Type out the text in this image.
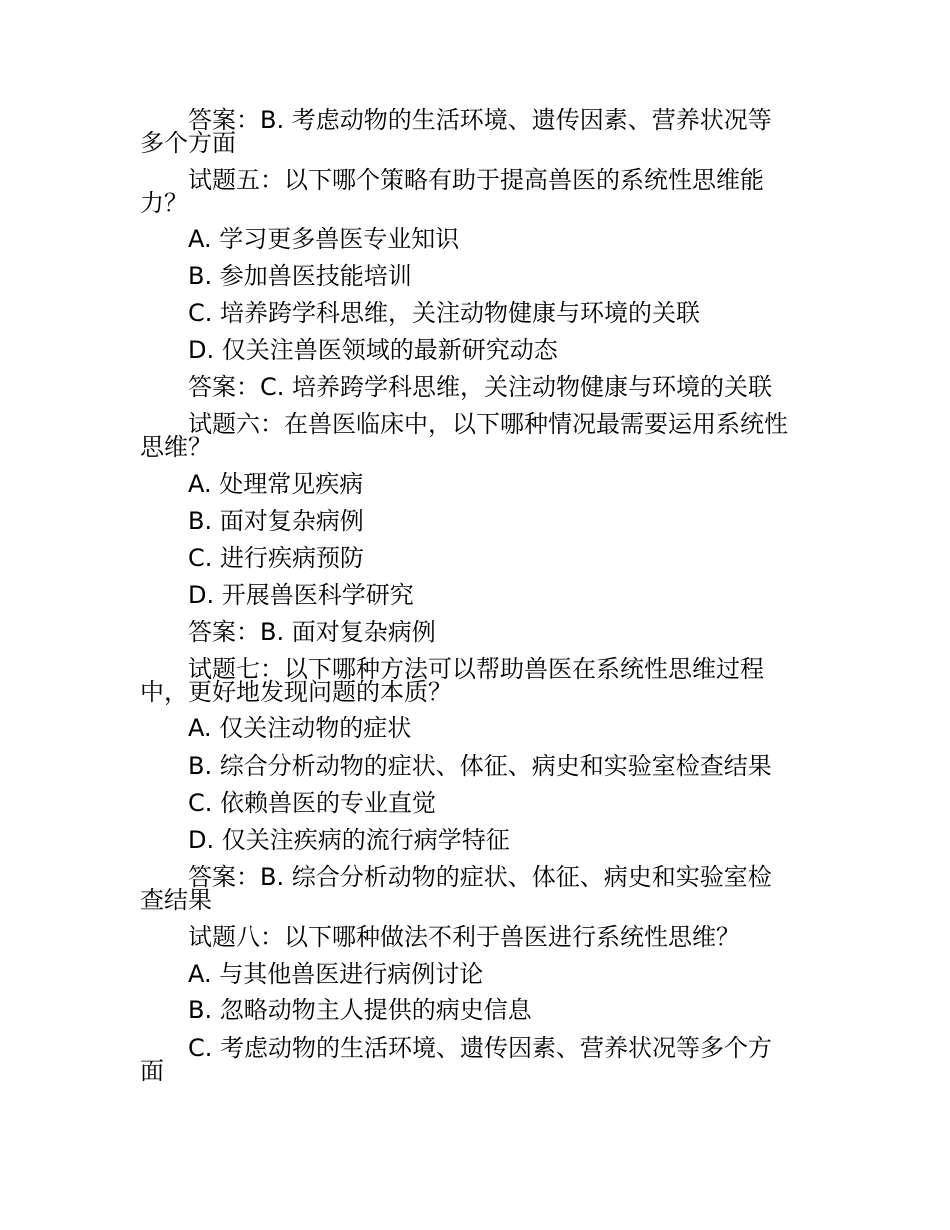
答案：B. 考虑动物的生活环境、遗传因素、营养状况等
多个方面
试题五：以下哪个策略有助于提高兽医的系统性思维能
力？
A. 学习更多兽医专业知识
B. 参加兽医技能培训
C. 培养跨学科思维，关注动物健康与环境的关联
D. 仅关注兽医领域的最新研究动态
答案：C. 培养跨学科思维，关注动物健康与环境的关联
试题六：在兽医临床中，以下哪种情况最需要运用系统性
思维？
A. 处理常见疾病
B. 面对复杂病例
C. 进行疾病预防
D. 开展兽医科学研究
答案：B. 面对复杂病例
试题七：以下哪种方法可以帮助兽医在系统性思维过程
中，更好地发现问题的本质？
A. 仅关注动物的症状
B. 综合分析动物的症状、体征、病史和实验室检查结果
C. 依赖兽医的专业直觉
D. 仅关注疾病的流行病学特征
答案：B. 综合分析动物的症状、体征、病史和实验室检
查结果
试题八：以下哪种做法不利于兽医进行系统性思维？
A. 与其他兽医进行病例讨论
B. 忽略动物主人提供的病史信息
C. 考虑动物的生活环境、遗传因素、营养状况等多个方
面
